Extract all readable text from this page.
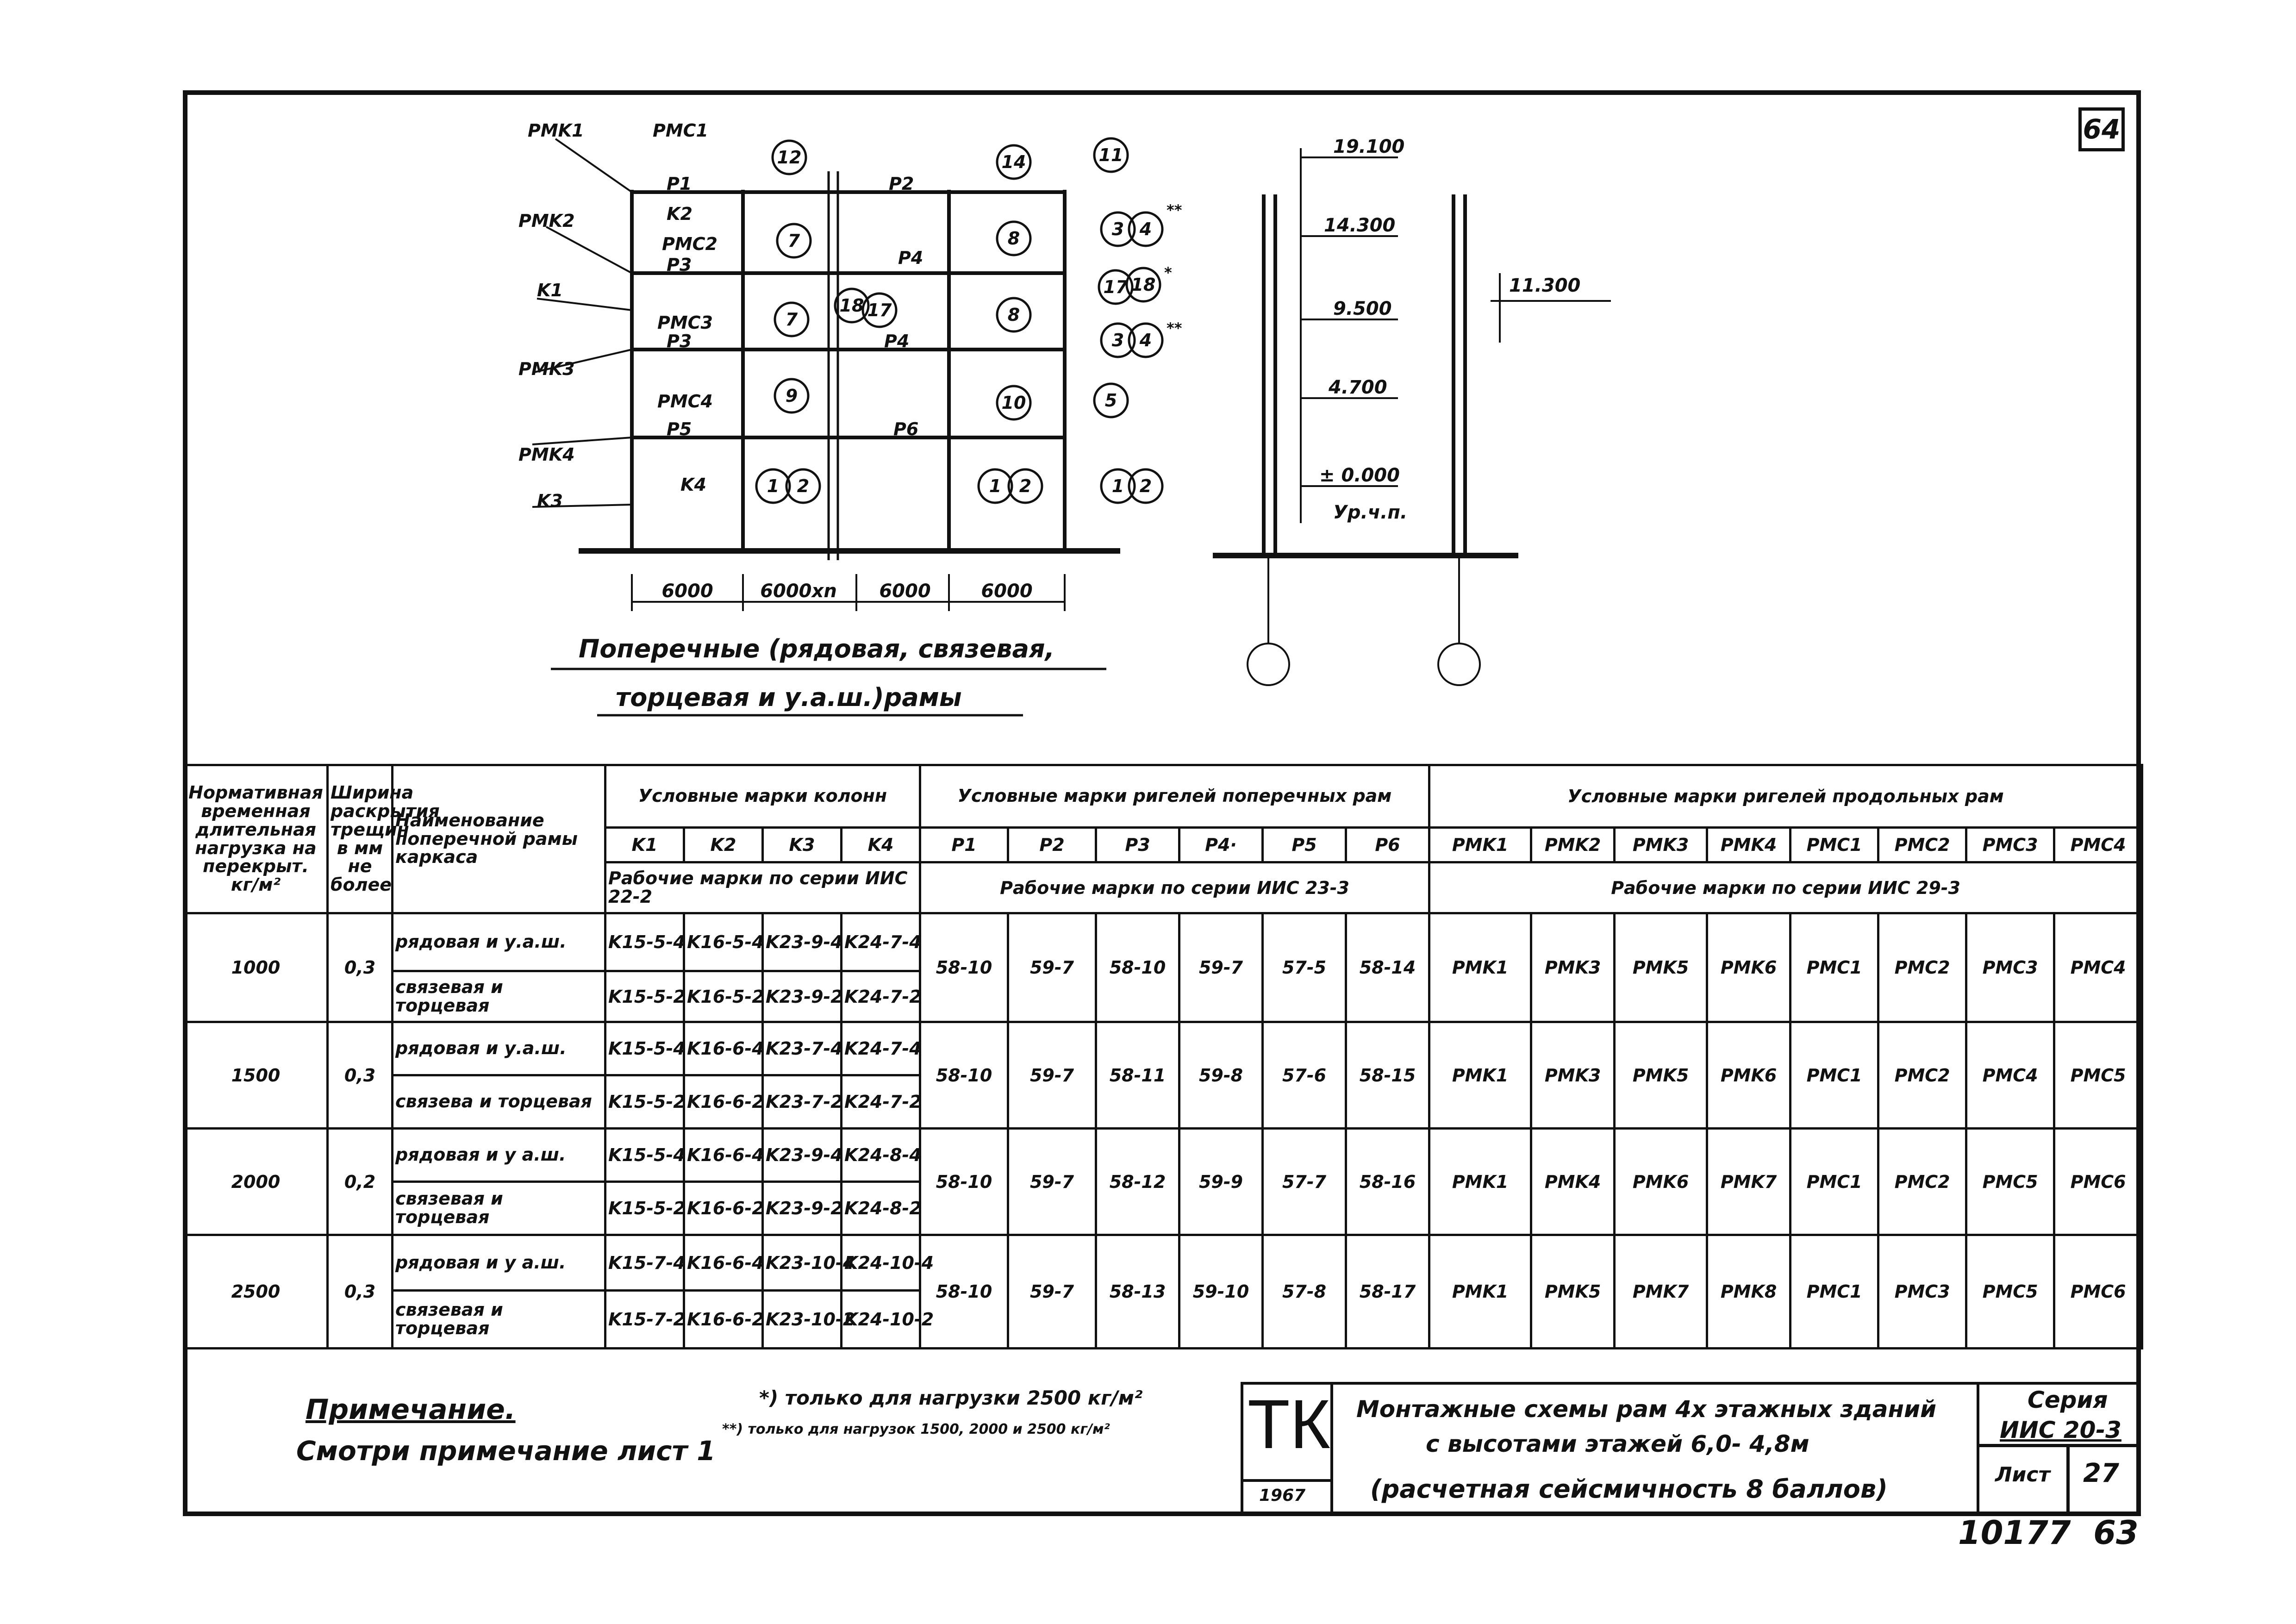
64
PMK1
PMK2
K1
PMK3
PMK4
K3
PMC1
P1
K2
PMC2
P3
PMC3
P3
PMC4
P5
K4
P2
P4
P4
P6
12	14	11
7	8	3 4
17 18
7
18 17	8
3 4
9	10	5
1 2	1 2	1 2
**
*
**
6000	6000xn 6000	6000
Поперечные (рядовая, связевая,
торцевая и у.а.ш.)рамы
19.100
14.300
11.300
9.500
4.700
± 0.000
Ур.ч.п.
Нормативная временная длительная нагрузка на перекрыт. кг/м²	Ширина раскрытия трещин в мм не более	Наименование поперечной рамы каркаса	Условные марки колонн				Условные марки ригелей поперечных рам						Условные марки ригелей продольных рам							
			K1	K2	K3	K4	P1	P2	P3	P4·	P5	P6	PMK1	PMK2	PMK3	PMK4	PMC1	PMC2	PMC3	PMC4
			Рабочие марки по серии ИИС 22-2				Рабочие марки по серии ИИС 23-3						Рабочие марки по серии ИИС 29-3							
1000	0,3	рядовая и у.а.ш.	K15-5-4	K16-5-4	K23-9-4	K24-7-4	58-10	59-7	58-10	59-7	57-5	58-14	PMK1	PMK3	PMK5	PMK6	PMC1	PMC2	PMC3	PMC4
		связевая и торцевая	K15-5-2	K16-5-2	K23-9-2	K24-7-2														
1500	0,3	рядовая и у.а.ш.	K15-5-4	K16-6-4	K23-7-4	K24-7-4	58-10	59-7	58-11	59-8	57-6	58-15	PMK1	PMK3	PMK5	PMK6	PMC1	PMC2	PMC4	PMC5
		связева и торцевая	K15-5-2	K16-6-2	K23-7-2	K24-7-2														
2000	0,2	рядовая и у а.ш.	K15-5-4	K16-6-4	K23-9-4	K24-8-4	58-10	59-7	58-12	59-9	57-7	58-16	PMK1	PMK4	PMK6	PMK7	PMC1	PMC2	PMC5	PMC6
		связевая и торцевая	K15-5-2	K16-6-2	K23-9-2	K24-8-2														
2500	0,3	рядовая и у а.ш.	K15-7-4	K16-6-4	K23-10-4	K24-10-4	58-10	59-7	58-13	59-10	57-8	58-17	PMK1	PMK5	PMK7	PMK8	PMC1	PMC3	PMC5	PMC6
		связевая и торцевая	K15-7-2	K16-6-2	K23-10-2	K24-10-2														
Примечание.
Смотри примечание лист 1
*) только для нагрузки 2500 кг/м²
**) только для нагрузок 1500, 2000 и 2500 кг/м² ТК
1967
Монтажные схемы рам 4х этажных зданий
с высотами этажей 6,0- 4,8м
(расчетная сейсмичность 8 баллов)
Серия
ИИС 20-3
Лист 27
10177  63
